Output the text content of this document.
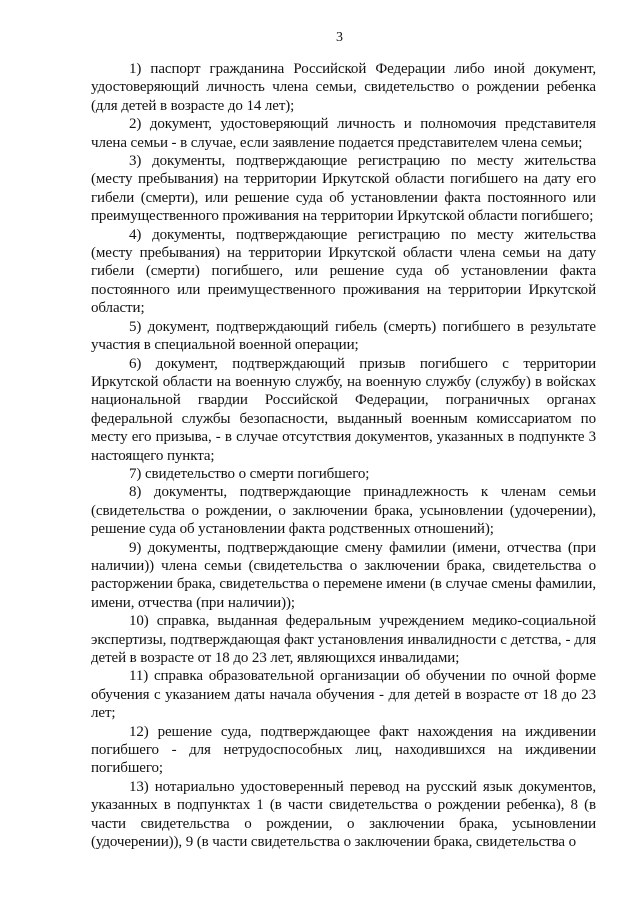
3

1) паспорт гражданина Российской Федерации либо иной документ, удостоверяющий личность члена семьи, свидетельство о рождении ребенка (для детей в возрасте до 14 лет);

2) документ, удостоверяющий личность и полномочия представителя члена семьи - в случае, если заявление подается представителем члена семьи;

3) документы, подтверждающие регистрацию по месту жительства (месту пребывания) на территории Иркутской области погибшего на дату его гибели (смерти), или решение суда об установлении факта постоянного или преимущественного проживания на территории Иркутской области погибшего;

4) документы, подтверждающие регистрацию по месту жительства (месту пребывания) на территории Иркутской области члена семьи на дату гибели (смерти) погибшего, или решение суда об установлении факта постоянного или преимущественного проживания на территории Иркутской области;

5) документ, подтверждающий гибель (смерть) погибшего в результате участия в специальной военной операции;

6) документ, подтверждающий призыв погибшего с территории Иркутской области на военную службу, на военную службу (службу) в войсках национальной гвардии Российской Федерации, пограничных органах федеральной службы безопасности, выданный военным комиссариатом по месту его призыва, - в случае отсутствия документов, указанных в подпункте 3 настоящего пункта;

7) свидетельство о смерти погибшего;

8) документы, подтверждающие принадлежность к членам семьи (свидетельства о рождении, о заключении брака, усыновлении (удочерении), решение суда об установлении факта родственных отношений);

9) документы, подтверждающие смену фамилии (имени, отчества (при наличии)) члена семьи (свидетельства о заключении брака, свидетельства о расторжении брака, свидетельства о перемене имени (в случае смены фамилии, имени, отчества (при наличии));

10) справка, выданная федеральным учреждением медико-социальной экспертизы, подтверждающая факт установления инвалидности с детства, - для детей в возрасте от 18 до 23 лет, являющихся инвалидами;

11) справка образовательной организации об обучении по очной форме обучения с указанием даты начала обучения - для детей в возрасте от 18 до 23 лет;

12) решение суда, подтверждающее факт нахождения на иждивении погибшего - для нетрудоспособных лиц, находившихся на иждивении погибшего;

13) нотариально удостоверенный перевод на русский язык документов, указанных в подпунктах 1 (в части свидетельства о рождении ребенка), 8 (в части свидетельства о рождении, о заключении брака, усыновлении (удочерении)), 9 (в части свидетельства о заключении брака, свидетельства о
